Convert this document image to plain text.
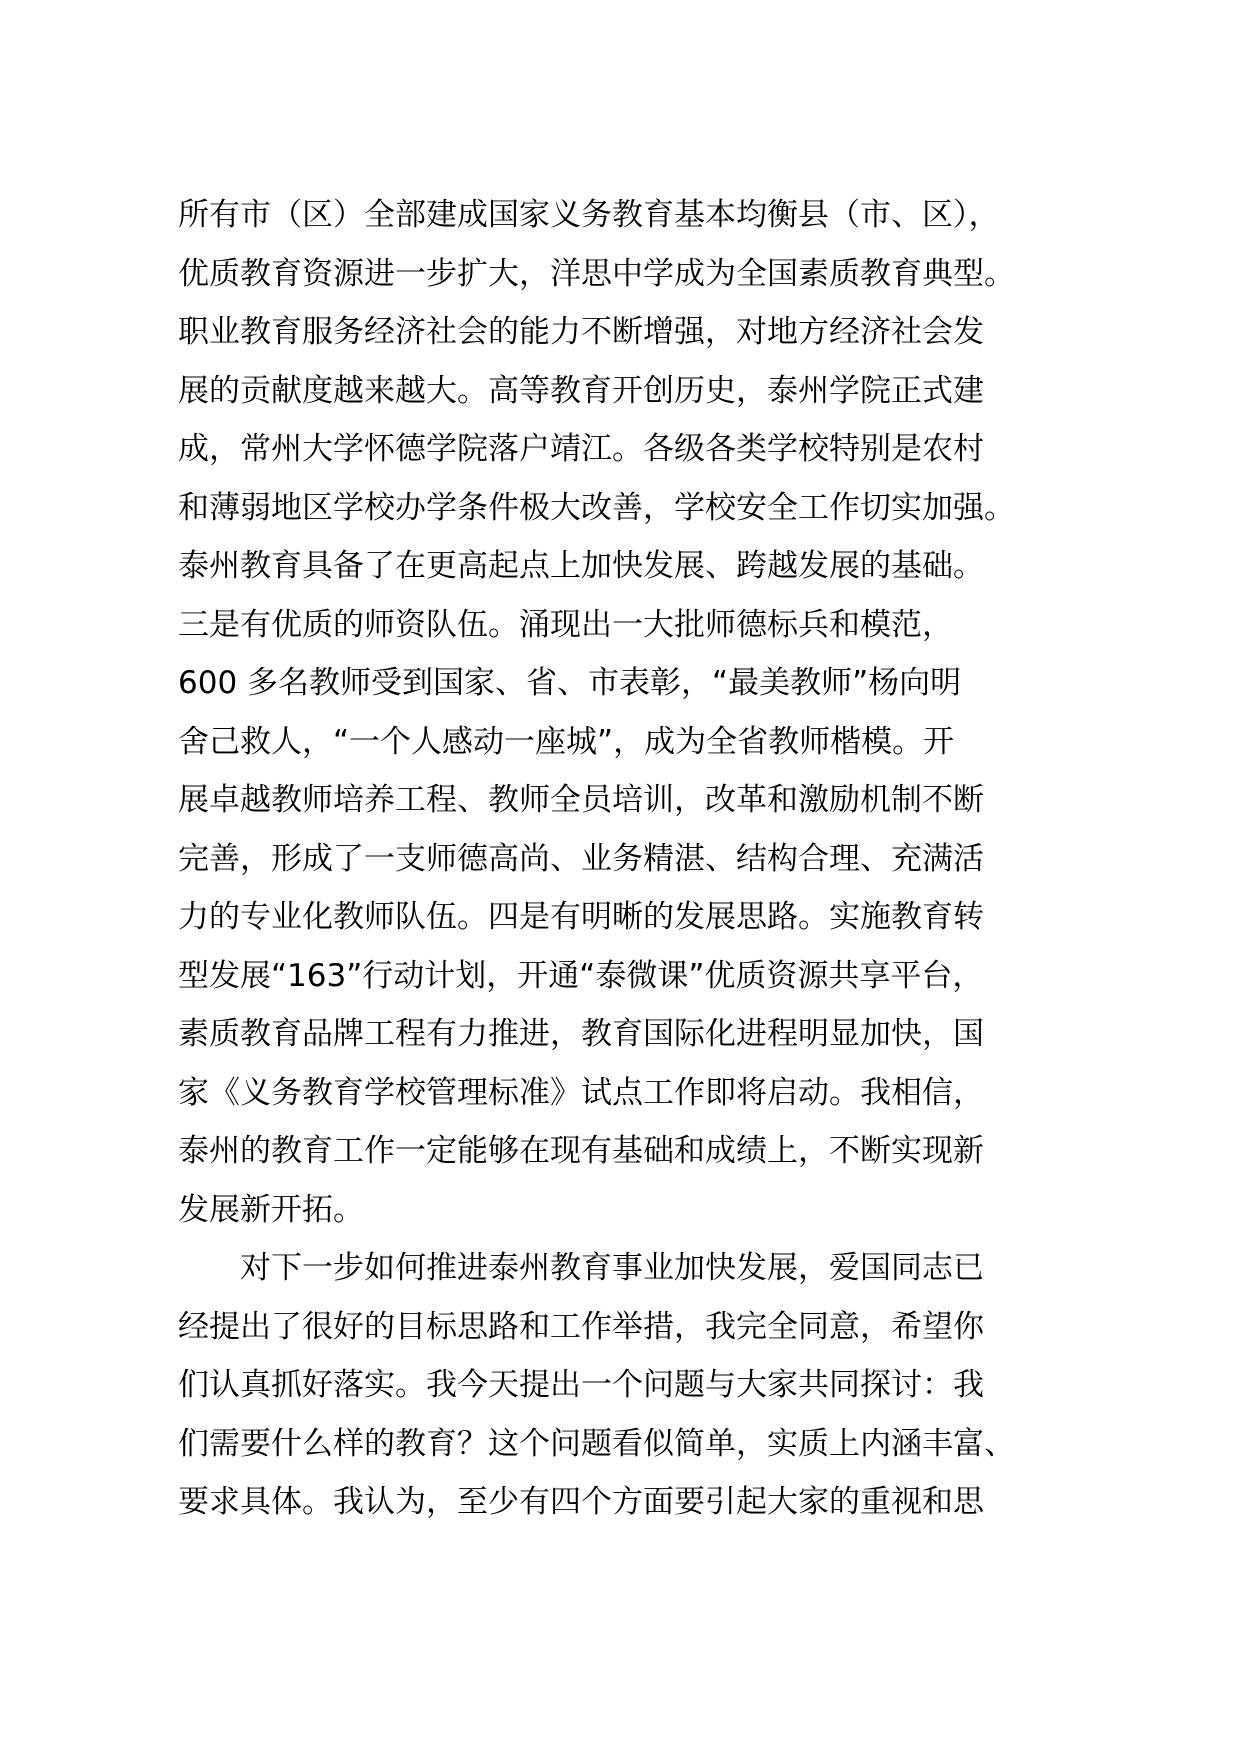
所有市（区）全部建成国家义务教育基本均衡县（市、区），
优质教育资源进一步扩大，洋思中学成为全国素质教育典型。
职业教育服务经济社会的能力不断增强，对地方经济社会发
展的贡献度越来越大。高等教育开创历史，泰州学院正式建
成，常州大学怀德学院落户靖江。各级各类学校特别是农村
和薄弱地区学校办学条件极大改善，学校安全工作切实加强。
泰州教育具备了在更高起点上加快发展、跨越发展的基础。
三是有优质的师资队伍。涌现出一大批师德标兵和模范，
600 多名教师受到国家、省、市表彰，“最美教师”杨向明
舍己救人，“一个人感动一座城”，成为全省教师楷模。开
展卓越教师培养工程、教师全员培训，改革和激励机制不断
完善，形成了一支师德高尚、业务精湛、结构合理、充满活
力的专业化教师队伍。四是有明晰的发展思路。实施教育转
型发展“163”行动计划，开通“泰微课”优质资源共享平台，
素质教育品牌工程有力推进，教育国际化进程明显加快，国
家《义务教育学校管理标准》试点工作即将启动。我相信，
泰州的教育工作一定能够在现有基础和成绩上，不断实现新
发展新开拓。
　　对下一步如何推进泰州教育事业加快发展，爱国同志已
经提出了很好的目标思路和工作举措，我完全同意，希望你
们认真抓好落实。我今天提出一个问题与大家共同探讨：我
们需要什么样的教育？这个问题看似简单，实质上内涵丰富、
要求具体。我认为，至少有四个方面要引起大家的重视和思
